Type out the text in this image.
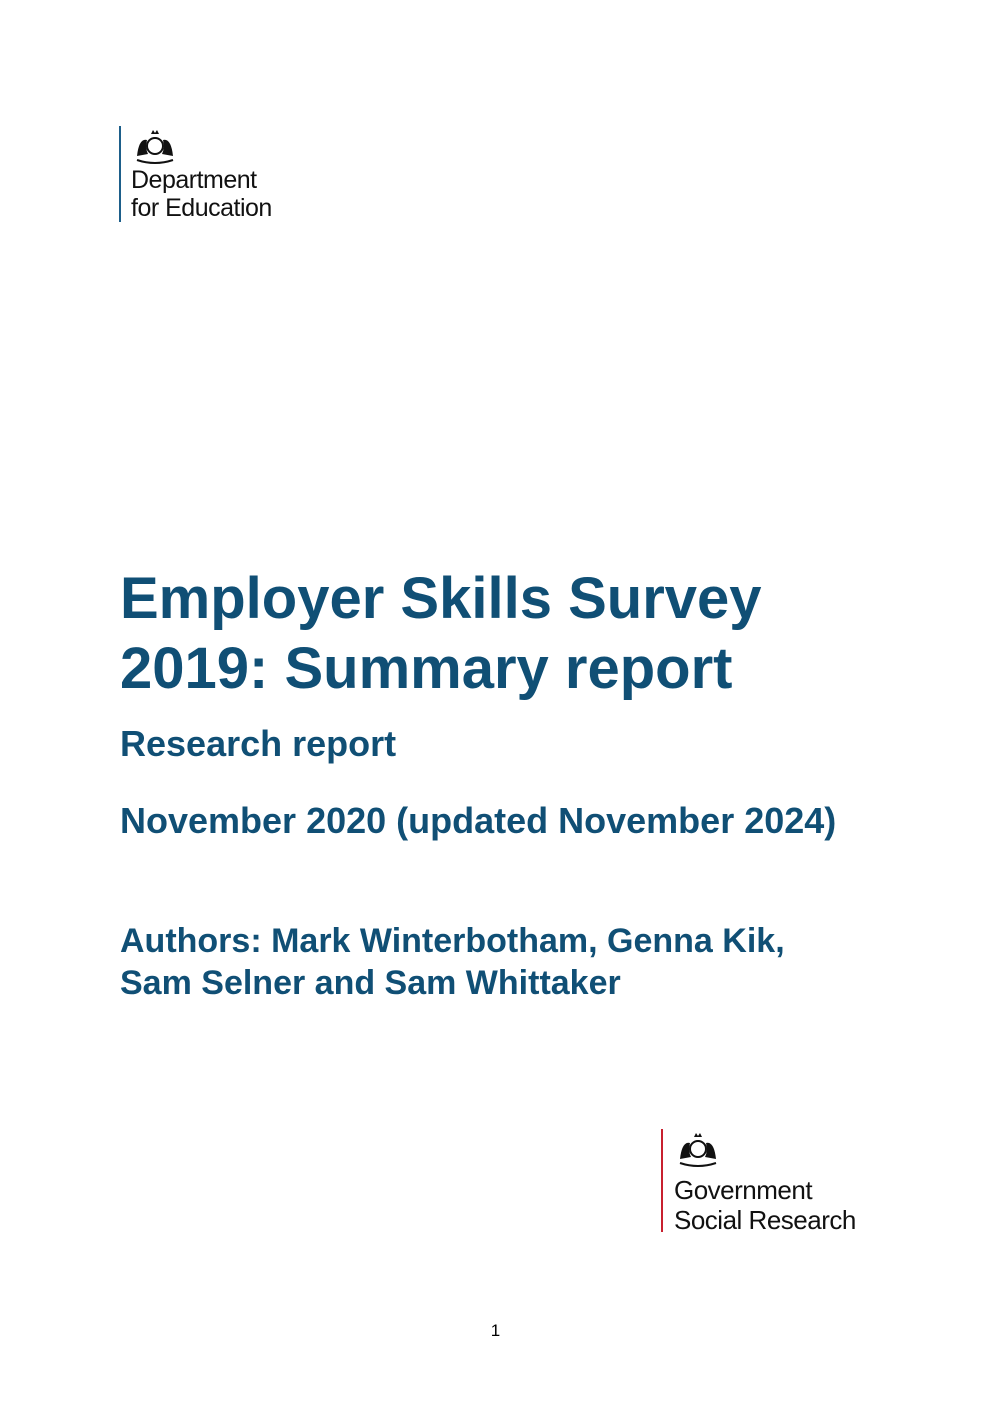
Department
for Education
Employer Skills Survey
2019: Summary report
Research report
November 2020 (updated November 2024)
Authors: Mark Winterbotham, Genna Kik, Sam Selner and Sam Whittaker
Government
Social Research
1
